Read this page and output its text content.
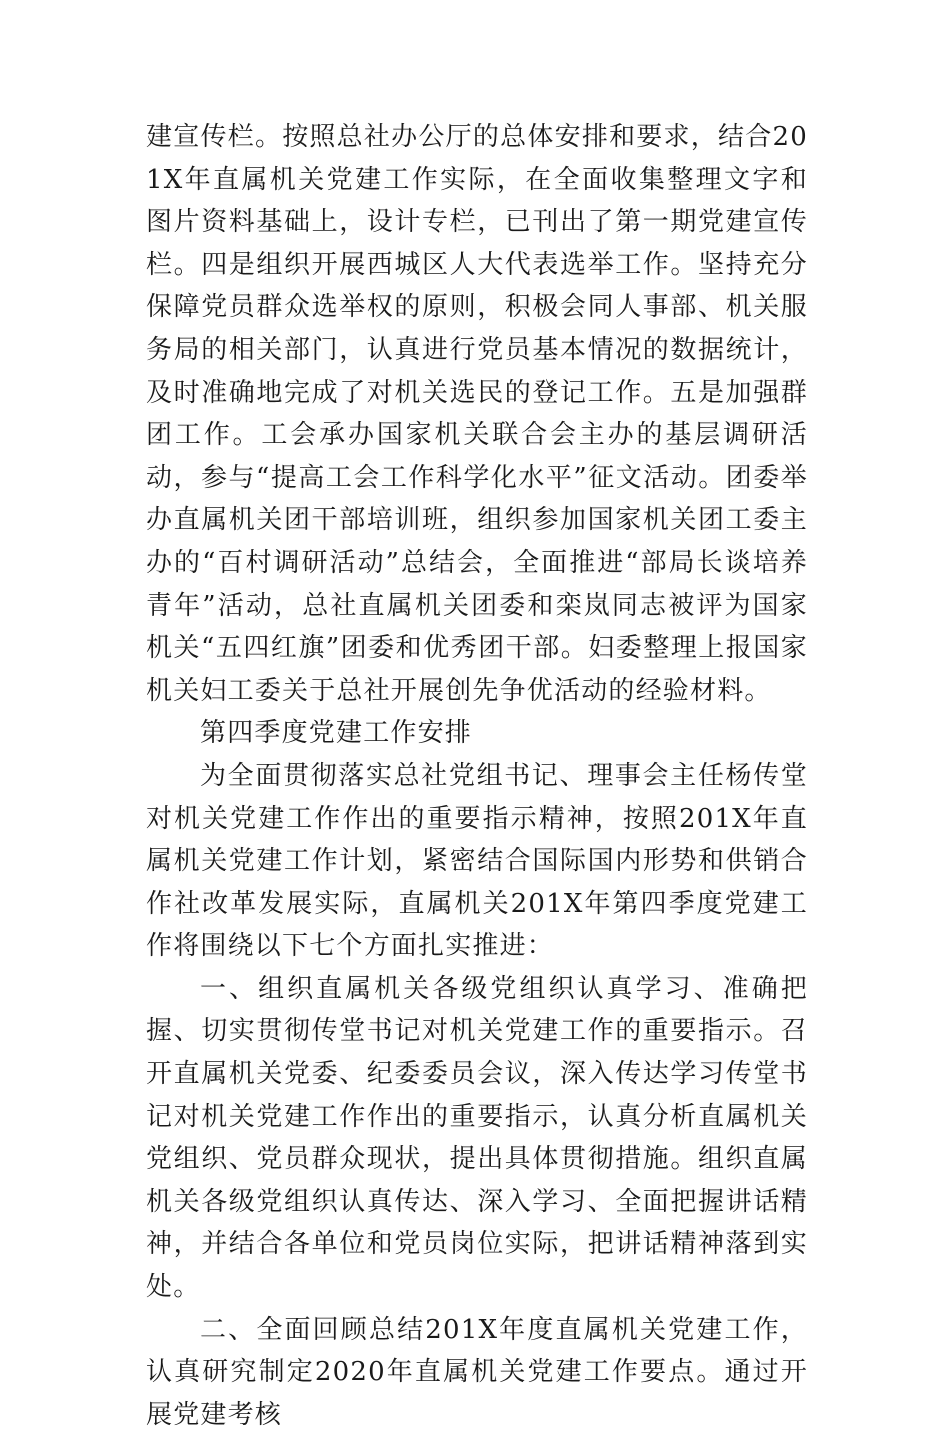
建宣传栏。按照总社办公厅的总体安排和要求，结合201X年直属机关党建工作实际，在全面收集整理文字和图片资料基础上，设计专栏，已刊出了第一期党建宣传栏。四是组织开展西城区人大代表选举工作。坚持充分保障党员群众选举权的原则，积极会同人事部、机关服务局的相关部门，认真进行党员基本情况的数据统计，及时准确地完成了对机关选民的登记工作。五是加强群团工作。工会承办国家机关联合会主办的基层调研活动，参与“提高工会工作科学化水平”征文活动。团委举办直属机关团干部培训班，组织参加国家机关团工委主办的“百村调研活动”总结会，全面推进“部局长谈培养青年”活动，总社直属机关团委和栾岚同志被评为国家机关“五四红旗”团委和优秀团干部。妇委整理上报国家机关妇工委关于总社开展创先争优活动的经验材料。

第四季度党建工作安排

为全面贯彻落实总社党组书记、理事会主任杨传堂对机关党建工作作出的重要指示精神，按照201X年直属机关党建工作计划，紧密结合国际国内形势和供销合作社改革发展实际，直属机关201X年第四季度党建工作将围绕以下七个方面扎实推进：

一、组织直属机关各级党组织认真学习、准确把握、切实贯彻传堂书记对机关党建工作的重要指示。召开直属机关党委、纪委委员会议，深入传达学习传堂书记对机关党建工作作出的重要指示，认真分析直属机关党组织、党员群众现状，提出具体贯彻措施。组织直属机关各级党组织认真传达、深入学习、全面把握讲话精神，并结合各单位和党员岗位实际，把讲话精神落到实处。

二、全面回顾总结201X年度直属机关党建工作，认真研究制定2020年直属机关党建工作要点。通过开展党建考核
